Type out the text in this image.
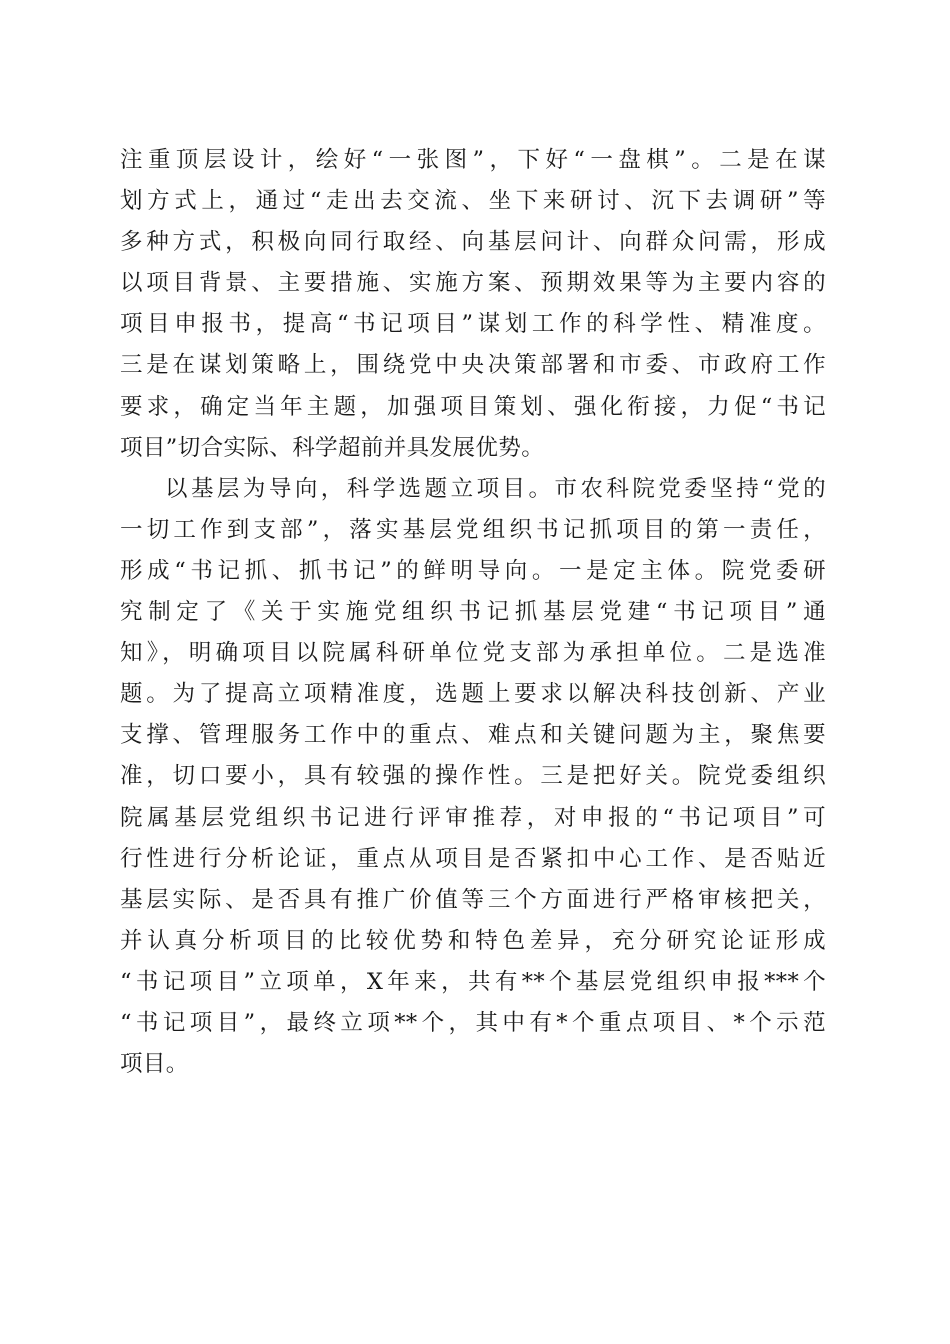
注重顶层设计，绘好“一张图”，下好“一盘棋”。二是在谋
划方式上，通过“走出去交流、坐下来研讨、沉下去调研”等
多种方式，积极向同行取经、向基层问计、向群众问需，形成
以项目背景、主要措施、实施方案、预期效果等为主要内容的
项目申报书，提高“书记项目”谋划工作的科学性、精准度。
三是在谋划策略上，围绕党中央决策部署和市委、市政府工作
要求，确定当年主题，加强项目策划、强化衔接，力促“书记
项目”切合实际、科学超前并具发展优势。

以基层为导向，科学选题立项目。市农科院党委坚持“党的
一切工作到支部”，落实基层党组织书记抓项目的第一责任，
形成“书记抓、抓书记”的鲜明导向。一是定主体。院党委研
究制定了《关于实施党组织书记抓基层党建“书记项目”通
知》，明确项目以院属科研单位党支部为承担单位。二是选准
题。为了提高立项精准度，选题上要求以解决科技创新、产业
支撑、管理服务工作中的重点、难点和关键问题为主，聚焦要
准，切口要小，具有较强的操作性。三是把好关。院党委组织
院属基层党组织书记进行评审推荐，对申报的“书记项目”可
行性进行分析论证，重点从项目是否紧扣中心工作、是否贴近
基层实际、是否具有推广价值等三个方面进行严格审核把关，
并认真分析项目的比较优势和特色差异，充分研究论证形成
“书记项目”立项单，X年来，共有**个基层党组织申报***个
“书记项目”，最终立项**个，其中有*个重点项目、*个示范
项目。
